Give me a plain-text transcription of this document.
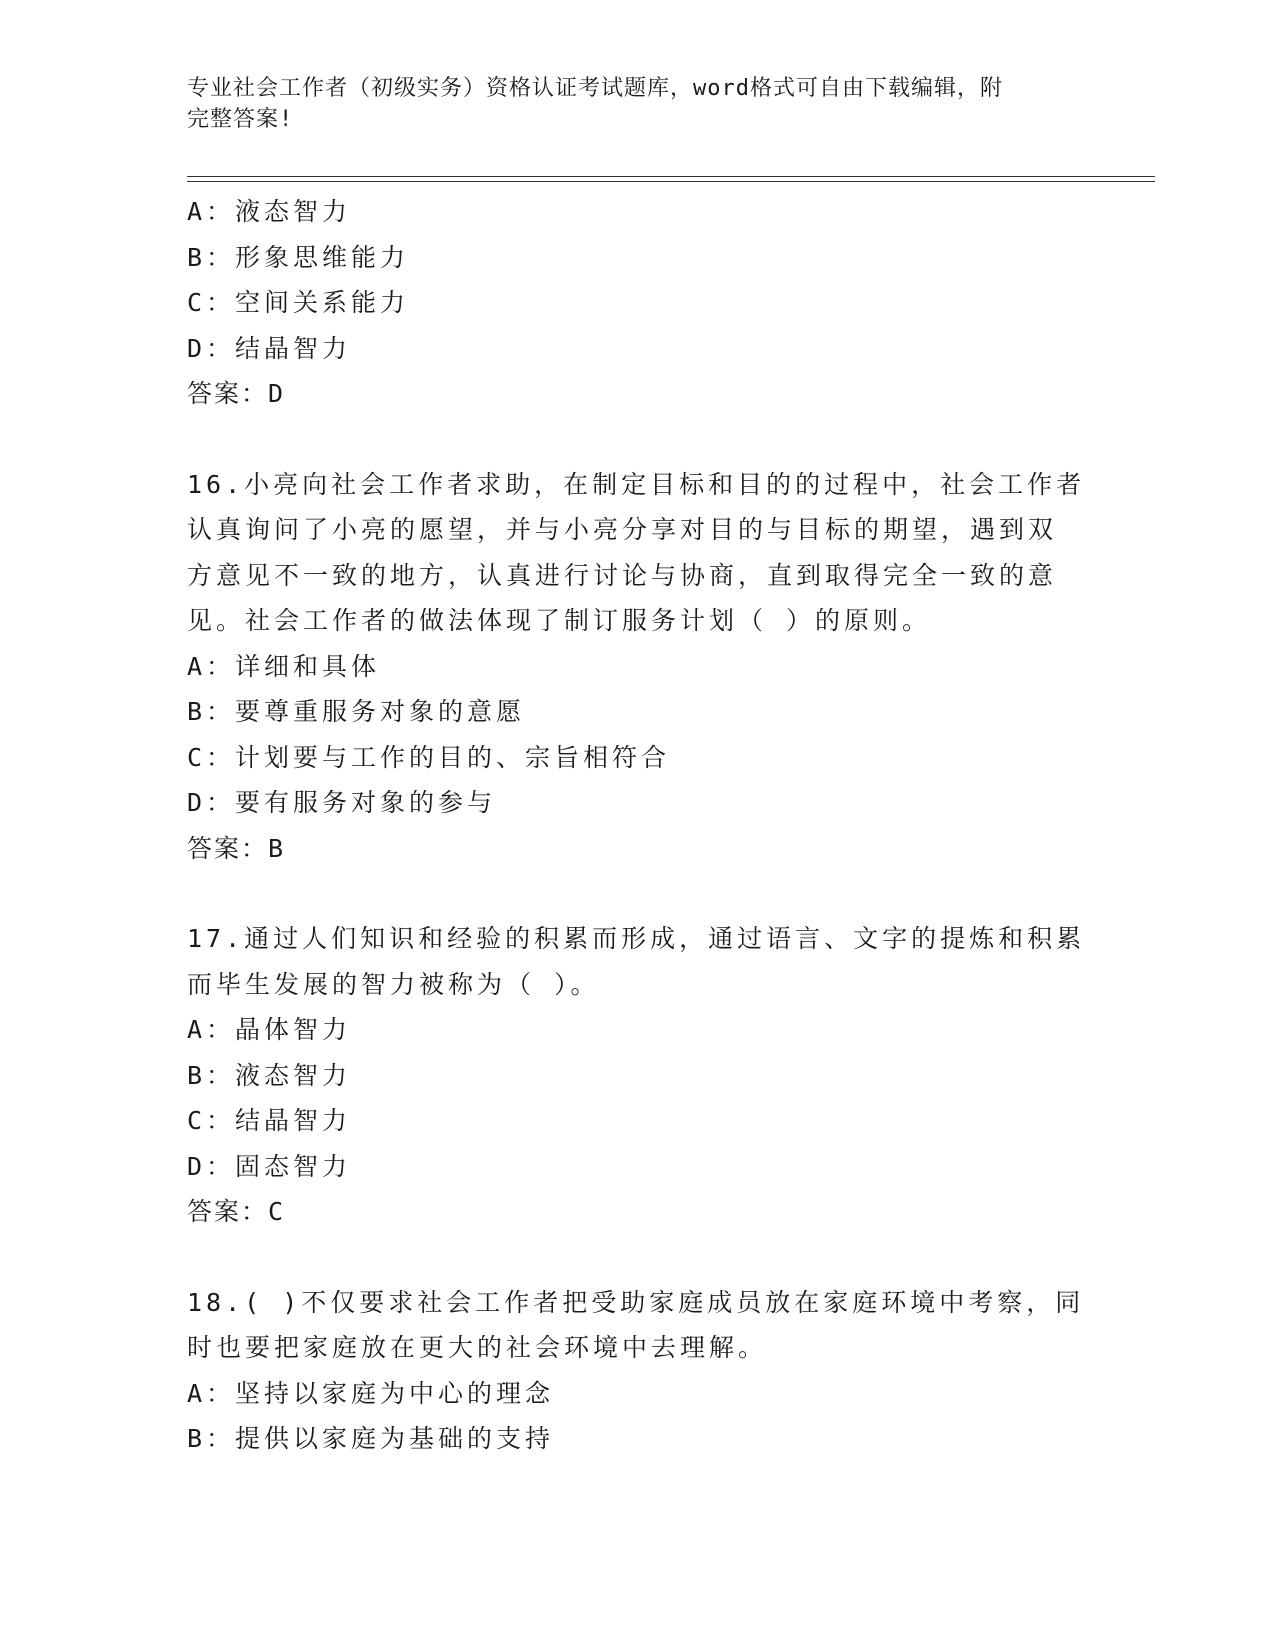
专业社会工作者（初级实务）资格认证考试题库，word格式可自由下载编辑，附
完整答案!
A：液态智力
B：形象思维能力
C：空间关系能力
D：结晶智力
答案：D
16.小亮向社会工作者求助，在制定目标和目的的过程中，社会工作者
认真询问了小亮的愿望，并与小亮分享对目的与目标的期望，遇到双
方意见不一致的地方，认真进行讨论与协商，直到取得完全一致的意
见。社会工作者的做法体现了制订服务计划（ ）的原则。
A：详细和具体
B：要尊重服务对象的意愿
C：计划要与工作的目的、宗旨相符合
D：要有服务对象的参与
答案：B
17.通过人们知识和经验的积累而形成，通过语言、文字的提炼和积累
而毕生发展的智力被称为（ ）。
A：晶体智力
B：液态智力
C：结晶智力
D：固态智力
答案：C
18.( )不仅要求社会工作者把受助家庭成员放在家庭环境中考察，同
时也要把家庭放在更大的社会环境中去理解。
A：坚持以家庭为中心的理念
B：提供以家庭为基础的支持
